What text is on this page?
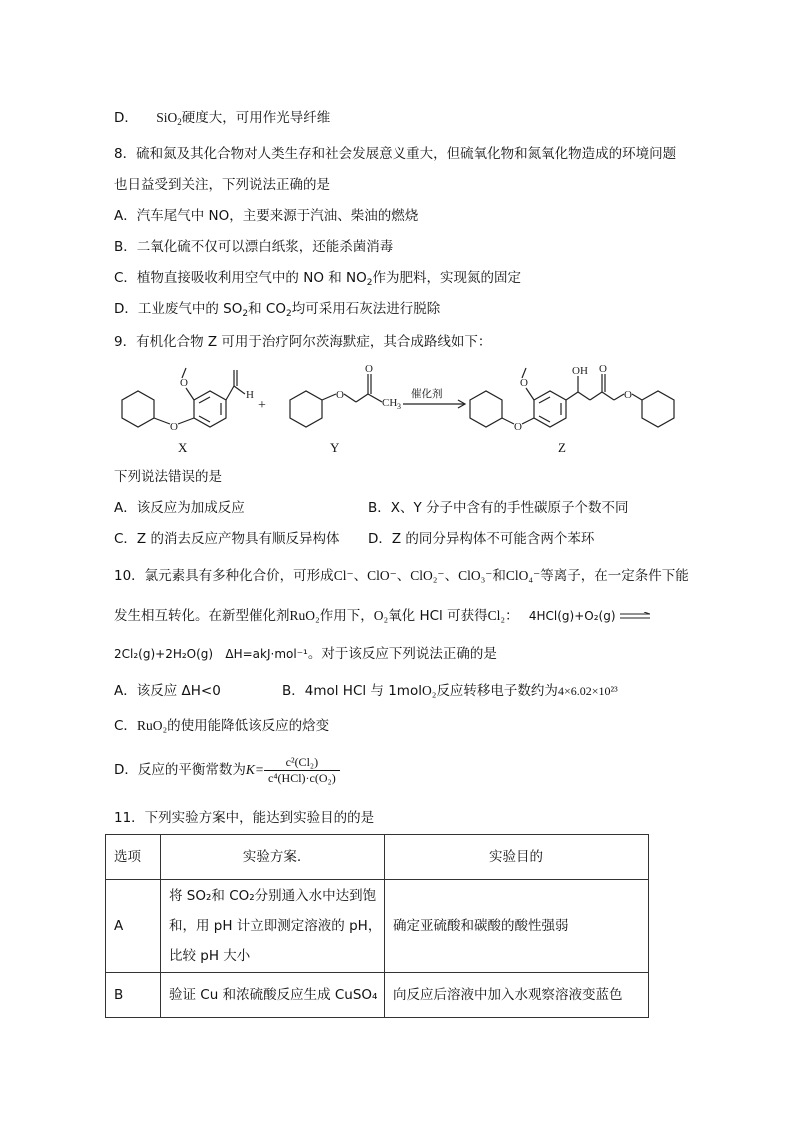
D． SiO$_2$硬度大，可用作光导纤维
8．硫和氮及其化合物对人类生存和社会发展意义重大，但硫氧化物和氮氧化物造成的环境问题
也日益受到关注，下列说法正确的是
A．汽车尾气中 NO，主要来源于汽油、柴油的燃烧
B．二氧化硫不仅可以漂白纸浆，还能杀菌消毒
C．植物直接吸收利用空气中的 NO 和 $NO_2$作为肥料，实现氮的固定
D．工业废气中的 $SO_2$和 $CO_2$均可采用石灰法进行脱除
9．有机化合物 Z 可用于治疗阿尔茨海默症，其合成路线如下：
O
O
H	O
O
CH 3
O
O
OH O
O
催化剂
+
X	Y	Z
下列说法错误的是
A．该反应为加成反应	B．X、Y 分子中含有的手性碳原子个数不同
C．Z 的消去反应产物具有顺反异构体 D．Z 的同分异构体不可能含两个苯环
10．氯元素具有多种化合价，可形成Cl⁻、ClO⁻、ClO₂⁻、ClO₃⁻和ClO₄⁻等离子，在一定条件下能
发生相互转化。在新型催化剂RuO₂作用下，O₂氧化 HCl 可获得Cl₂： 4HCl(g)+O₂(g)
2Cl₂(g)+2H₂O(g) ΔH=akJ·mol⁻¹。对于该反应下列说法正确的是
A．该反应 ΔH<0	B．4mol HCl 与 1molO₂反应转移电子数约为4×6.02×10²³
C．RuO₂的使用能降低该反应的焓变
D．反应的平衡常数为$K= \frac{\text{c²(Cl₂)}}{\text{c⁴(HCl)·c(O₂)}}$
11．下列实验方案中，能达到实验目的的是
选项	实验方案.	实验目的
A	将 SO₂和 CO₂分别通入水中达到饱
和，用 pH 计立即测定溶液的 pH，
比较 pH 大小	确定亚硫酸和碳酸的酸性强弱
B	验证 Cu 和浓硫酸反应生成 CuSO₄	向反应后溶液中加入水观察溶液变蓝色
